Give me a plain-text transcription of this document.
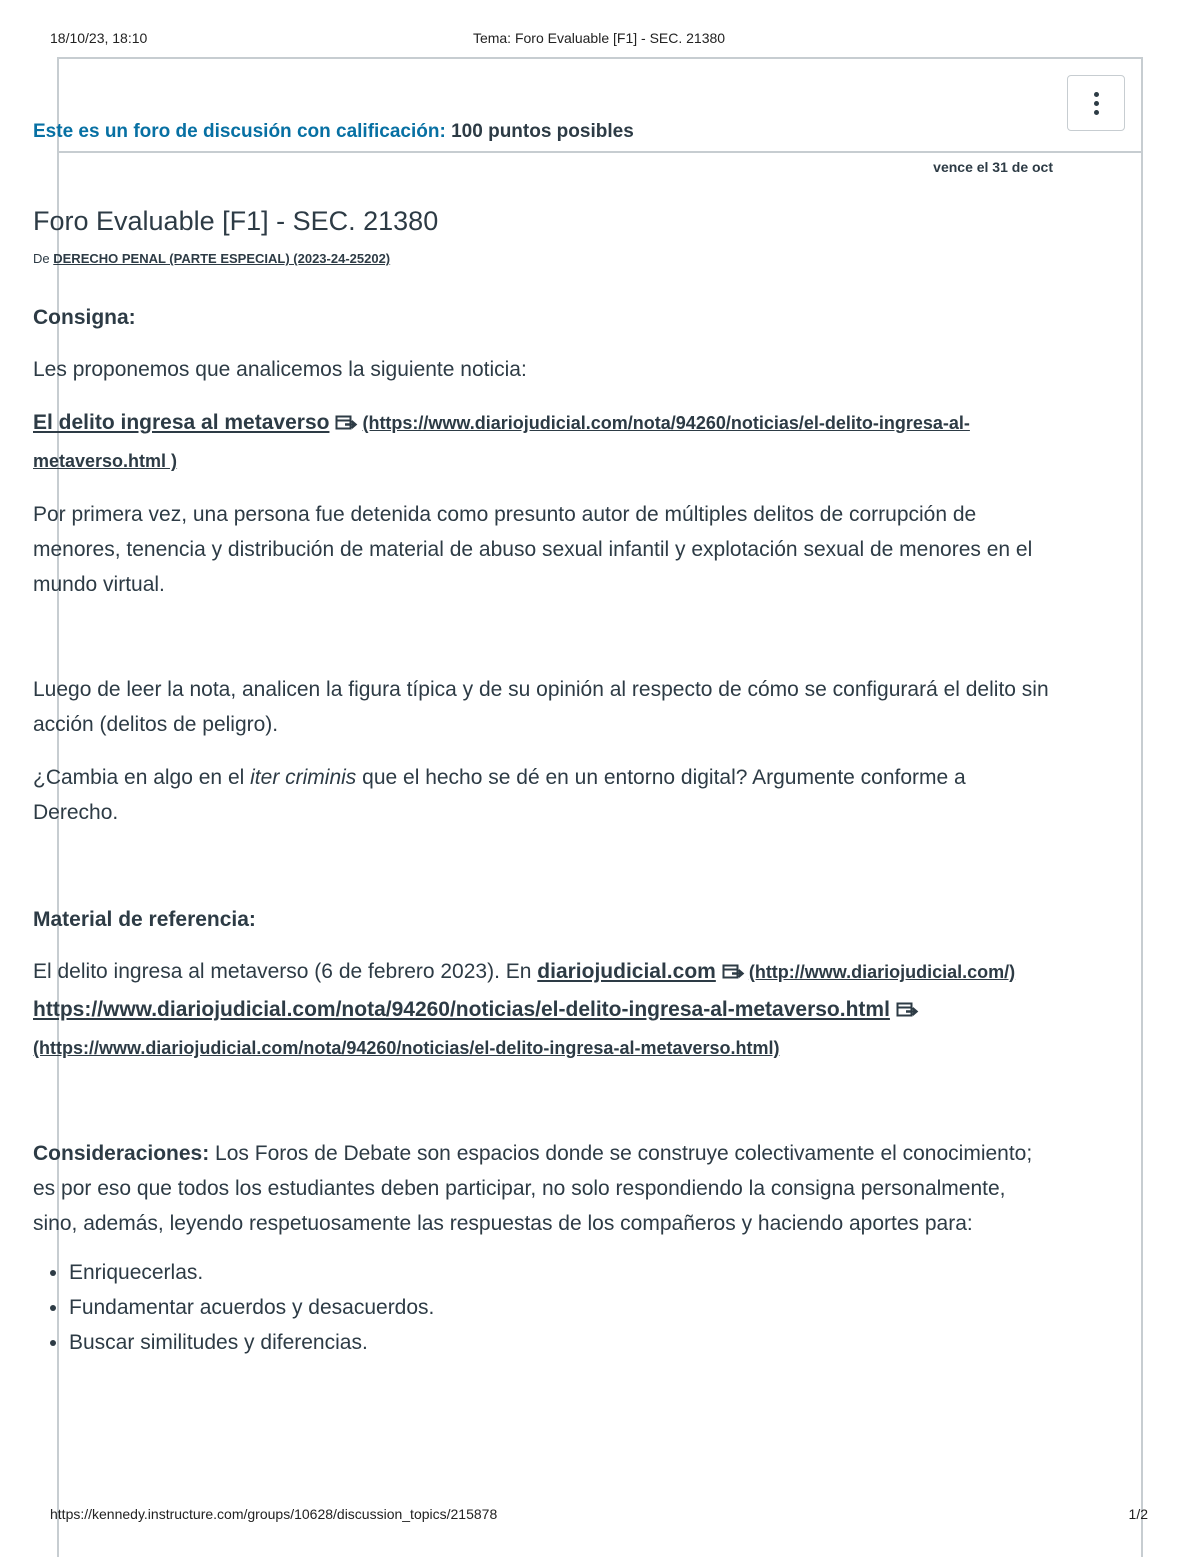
18/10/23, 18:10	Tema: Foro Evaluable [F1] - SEC. 21380

Este es un foro de discusión con calificación: 100 puntos posibles

vence el 31 de oct
Foro Evaluable [F1] - SEC. 21380
De DERECHO PENAL (PARTE ESPECIAL) (2023-24-25202)
Consigna:

Les proponemos que analicemos la siguiente noticia:

El delito ingresa al metaverso (https://www.diariojudicial.com/nota/94260/noticias/el-delito-ingresa-al-metaverso.html )

Por primera vez, una persona fue detenida como presunto autor de múltiples delitos de corrupción de menores, tenencia y distribución de material de abuso sexual infantil y explotación sexual de menores en el mundo virtual.

Luego de leer la nota, analicen la figura típica y de su opinión al respecto de cómo se configurará el delito sin acción (delitos de peligro).

¿Cambia en algo en el iter criminis que el hecho se dé en un entorno digital? Argumente conforme a Derecho.

Material de referencia:

El delito ingresa al metaverso (6 de febrero 2023). En diariojudicial.com (http://www.diariojudicial.com/) https://www.diariojudicial.com/nota/94260/noticias/el-delito-ingresa-al-metaverso.html(https://www.diariojudicial.com/nota/94260/noticias/el-delito-ingresa-al-metaverso.html)

Consideraciones: Los Foros de Debate son espacios donde se construye colectivamente el conocimiento; es por eso que todos los estudiantes deben participar, no solo respondiendo la consigna personalmente, sino, además, leyendo respetuosamente las respuestas de los compañeros y haciendo aportes para:

• Enriquecerlas.
• Fundamentar acuerdos y desacuerdos.
• Buscar similitudes y diferencias.
https://kennedy.instructure.com/groups/10628/discussion_topics/215878	1/2
